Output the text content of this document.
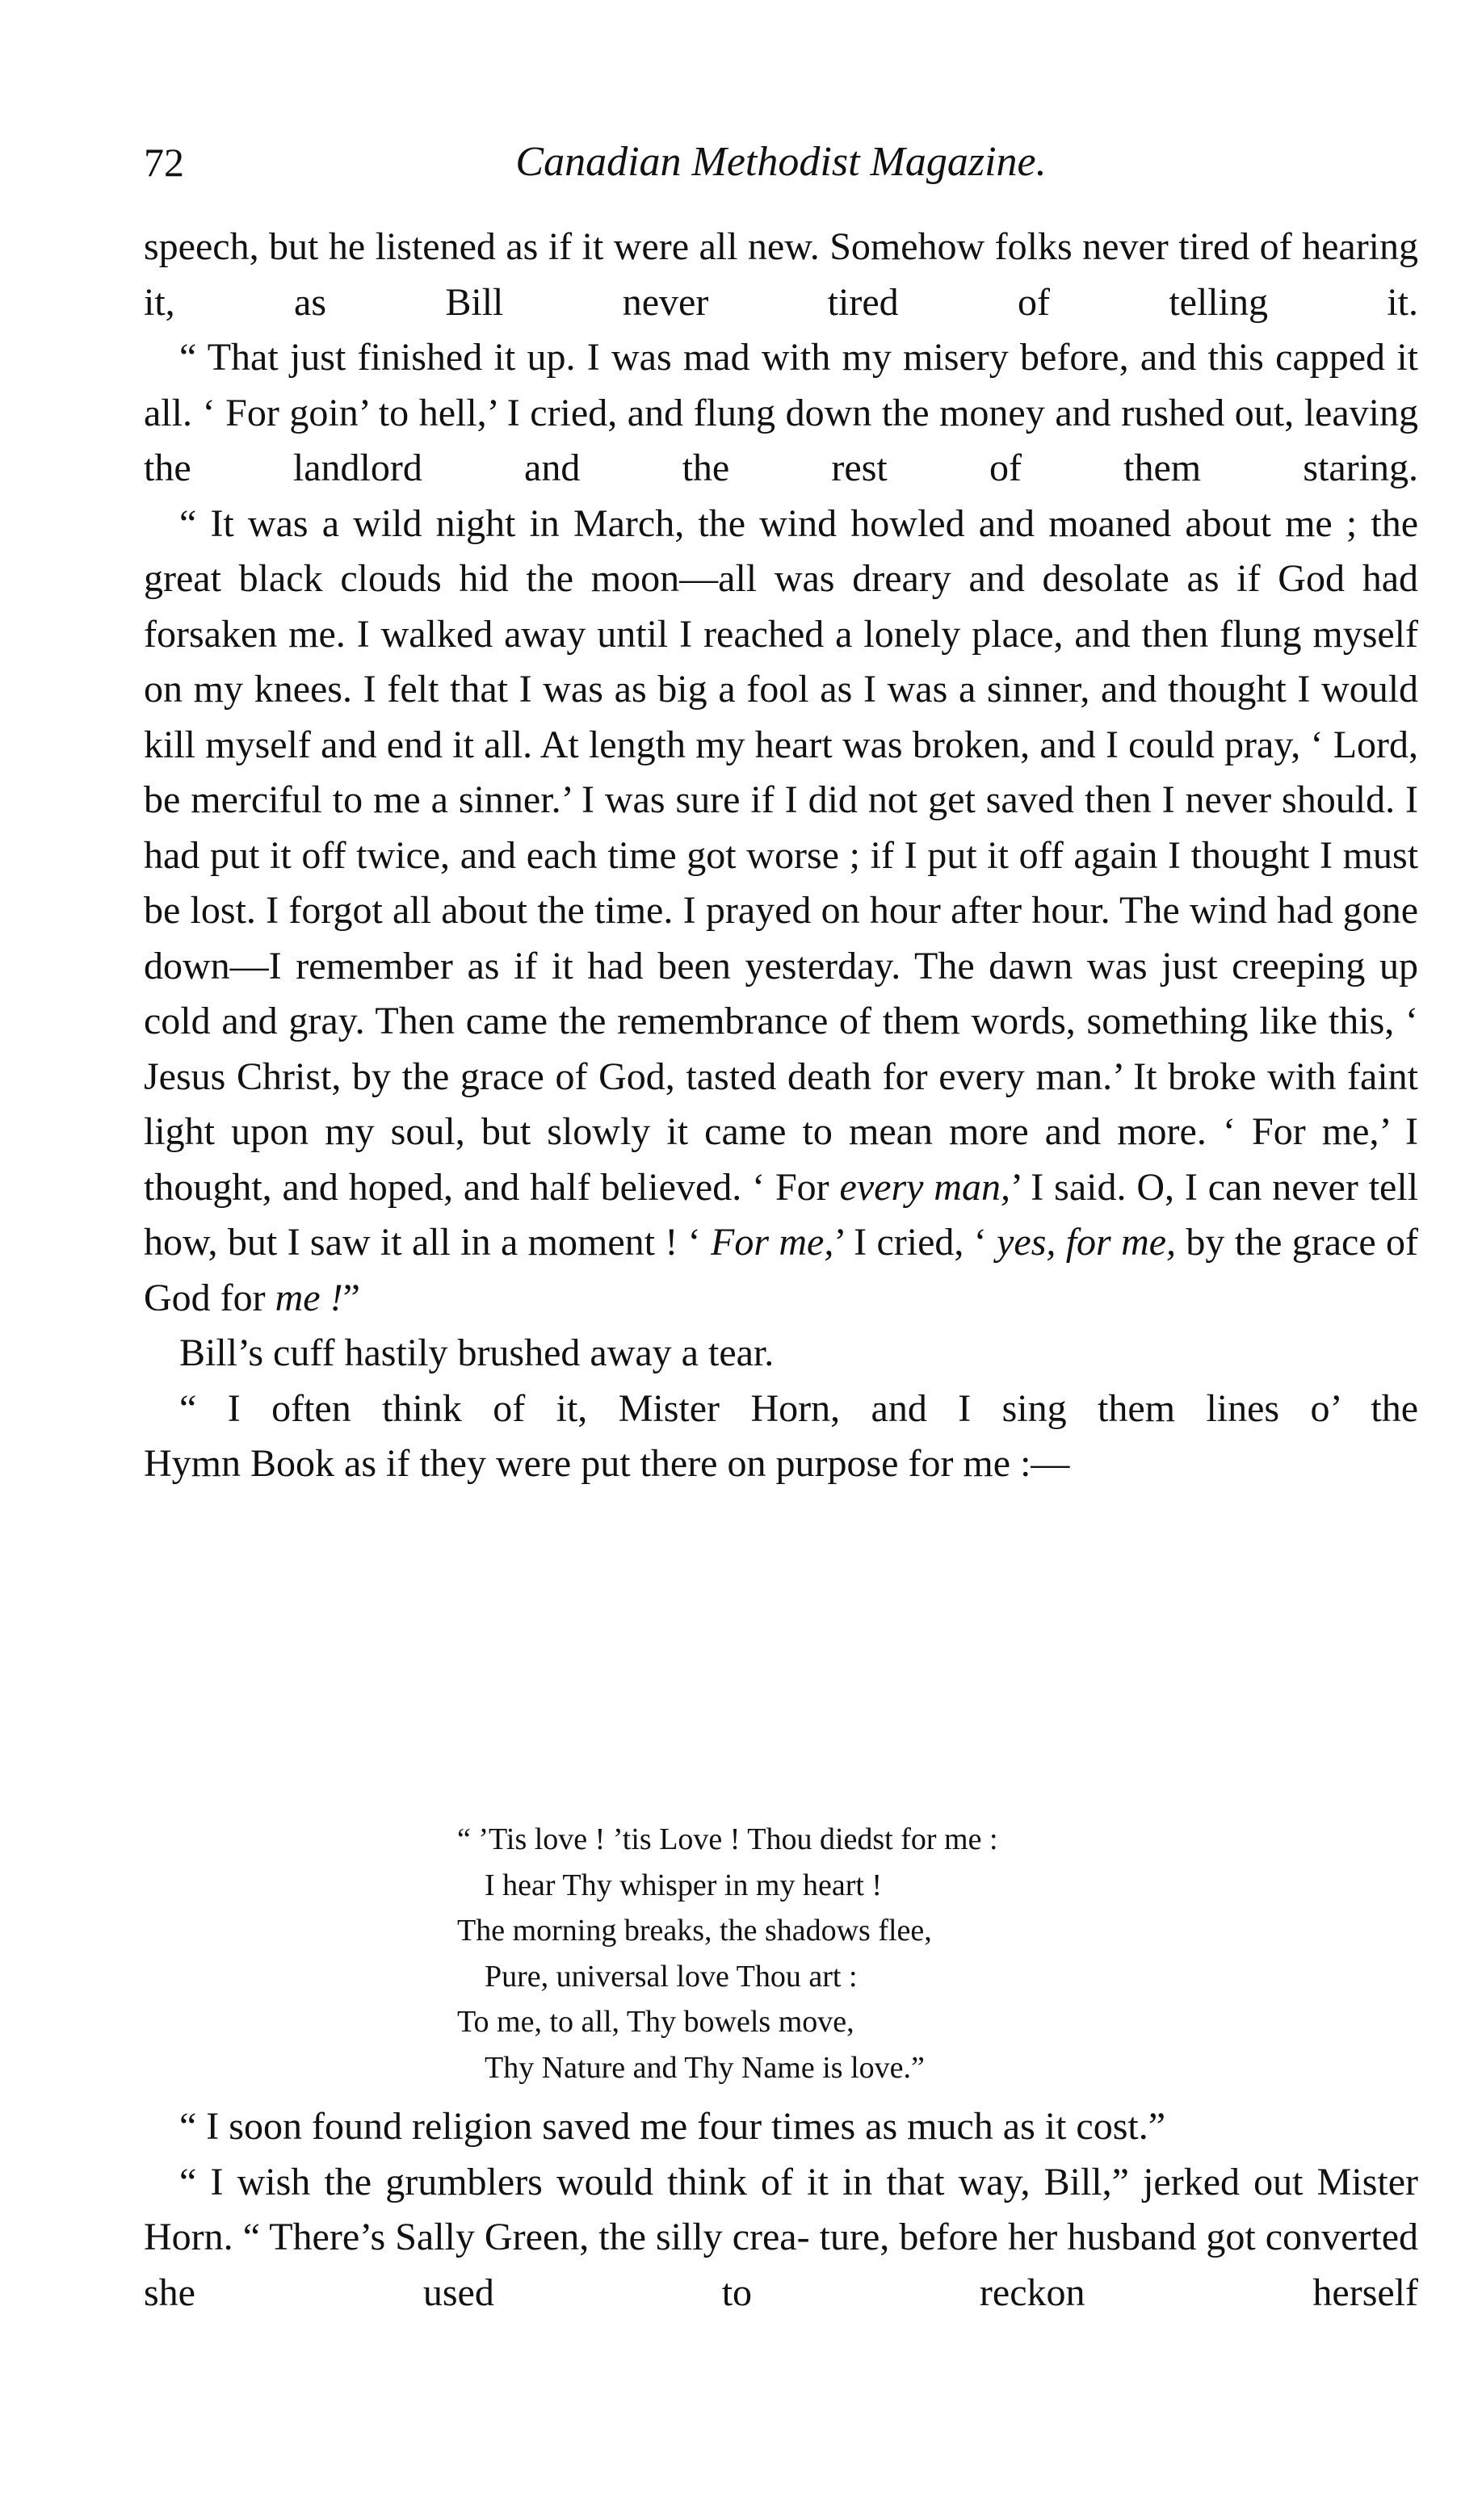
72	Canadian Methodist Magazine.

speech, but he listened as if it were all new. Somehow folks never tired of hearing it, as Bill never tired of telling it.

“ That just finished it up. I was mad with my misery before, and this capped it all. ‘ For goin’ to hell,’ I cried, and flung down the money and rushed out, leaving the landlord and the rest of	them staring.

“ It was a wild night in March, the wind howled and moaned about me ; the great black clouds hid the moon—all was dreary and desolate as if God had forsaken me. I walked away until I reached a lonely place, and then flung myself on my knees. I felt that I was as big a fool as I was a sinner, and thought I would kill myself and end it all. At length my heart was broken, and I could pray, ‘ Lord, be merciful to me a sinner.’ I was sure if I did not get saved then I never should. I had put it off twice, and each time got worse ; if I put it off again I thought I must be lost. I forgot all about the time. I prayed on hour after hour. The wind had gone down—I remember as if it had been yesterday. The dawn was just creeping up cold and gray. Then came the remembrance of them words, something like this, ‘ Jesus Christ, by the grace of God, tasted death for every man.’ It broke with faint light upon my soul, but slowly it came to mean more and more. ‘ For me,’ I thought, and hoped, and half believed. ‘ For every man,’ I said. O, I can never tell how, but I saw it all in a moment ! ‘ For me,’ I cried, ‘ yes, for me, by the grace of

God for me !”

Bill’s cuff hastily brushed away a tear.

“ I often think of it, Mister Horn, and I sing them lines o’ the

Hymn Book as if they were put there on purpose for me :—

“ ’Tis love ! ’tis Love ! Thou diedst for me :
I hear Thy whisper in my heart !
The morning breaks, the shadows flee,
Pure, universal love Thou art :
To me, to all, Thy bowels move,
Thy Nature and Thy Name is love.”

“ I soon found religion saved me four times as much as it cost.”

“ I wish the grumblers would think of it in that way, Bill,” jerked out Mister Horn. “ There’s Sally Green, the silly crea- ture, before her husband got converted she used to reckon herself
